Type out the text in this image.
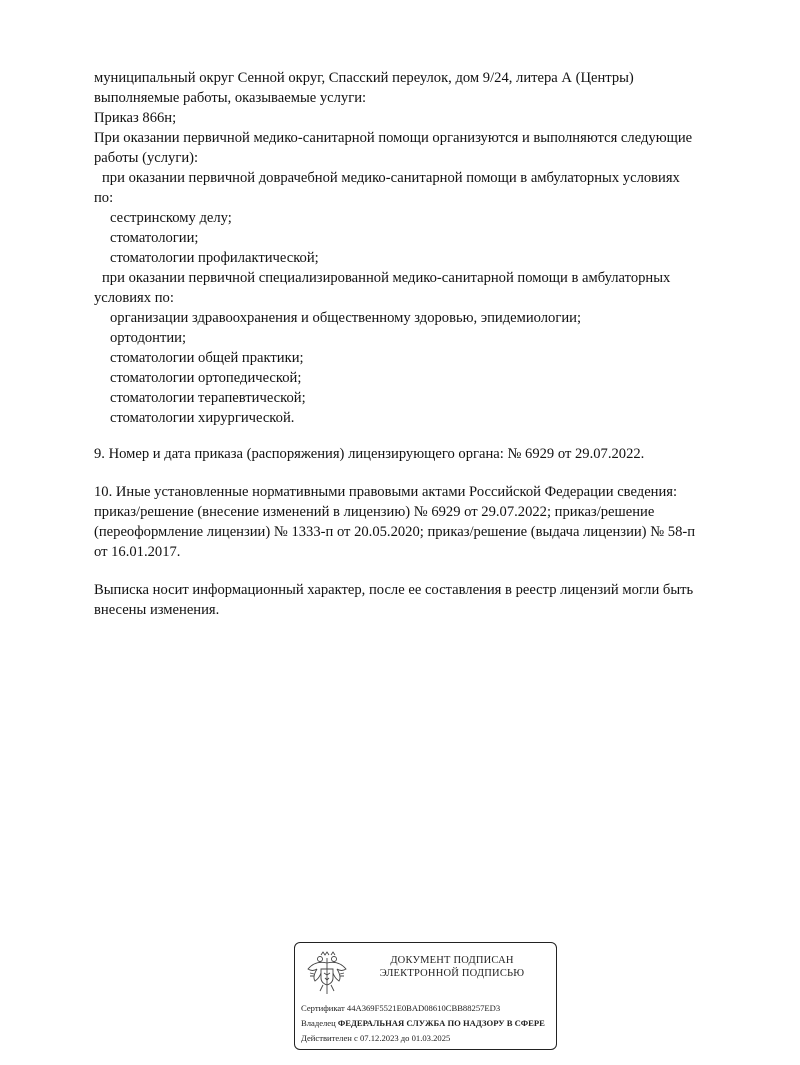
муниципальный округ Сенной округ, Спасский переулок, дом 9/24, литера А (Центры)
выполняемые работы, оказываемые услуги:
Приказ 866н;
При оказании первичной медико-санитарной помощи организуются и выполняются следующие
работы (услуги):
при оказании первичной доврачебной медико-санитарной помощи в амбулаторных условиях
по:
сестринскому делу;
стоматологии;
стоматологии профилактической;
при оказании первичной специализированной медико-санитарной помощи в амбулаторных
условиях по:
организации здравоохранения и общественному здоровью, эпидемиологии;
ортодонтии;
стоматологии общей практики;
стоматологии ортопедической;
стоматологии терапевтической;
стоматологии хирургической.
9. Номер и дата приказа (распоряжения) лицензирующего органа: № 6929 от 29.07.2022.
10. Иные установленные нормативными правовыми актами Российской Федерации сведения:
приказ/решение (внесение изменений в лицензию) № 6929 от 29.07.2022; приказ/решение
(переоформление лицензии) № 1333-п от 20.05.2020; приказ/решение (выдача лицензии) № 58-п
от 16.01.2017.
Выписка носит информационный характер, после ее составления в реестр лицензий могли быть
внесены изменения.
ДОКУМЕНТ ПОДПИСАН
ЭЛЕКТРОННОЙ ПОДПИСЬЮ
Сертификат 44A369F5521E0BAD08610CBB88257ED3
Владелец ФЕДЕРАЛЬНАЯ СЛУЖБА ПО НАДЗОРУ В СФЕРЕ
Действителен с 07.12.2023 до 01.03.2025
